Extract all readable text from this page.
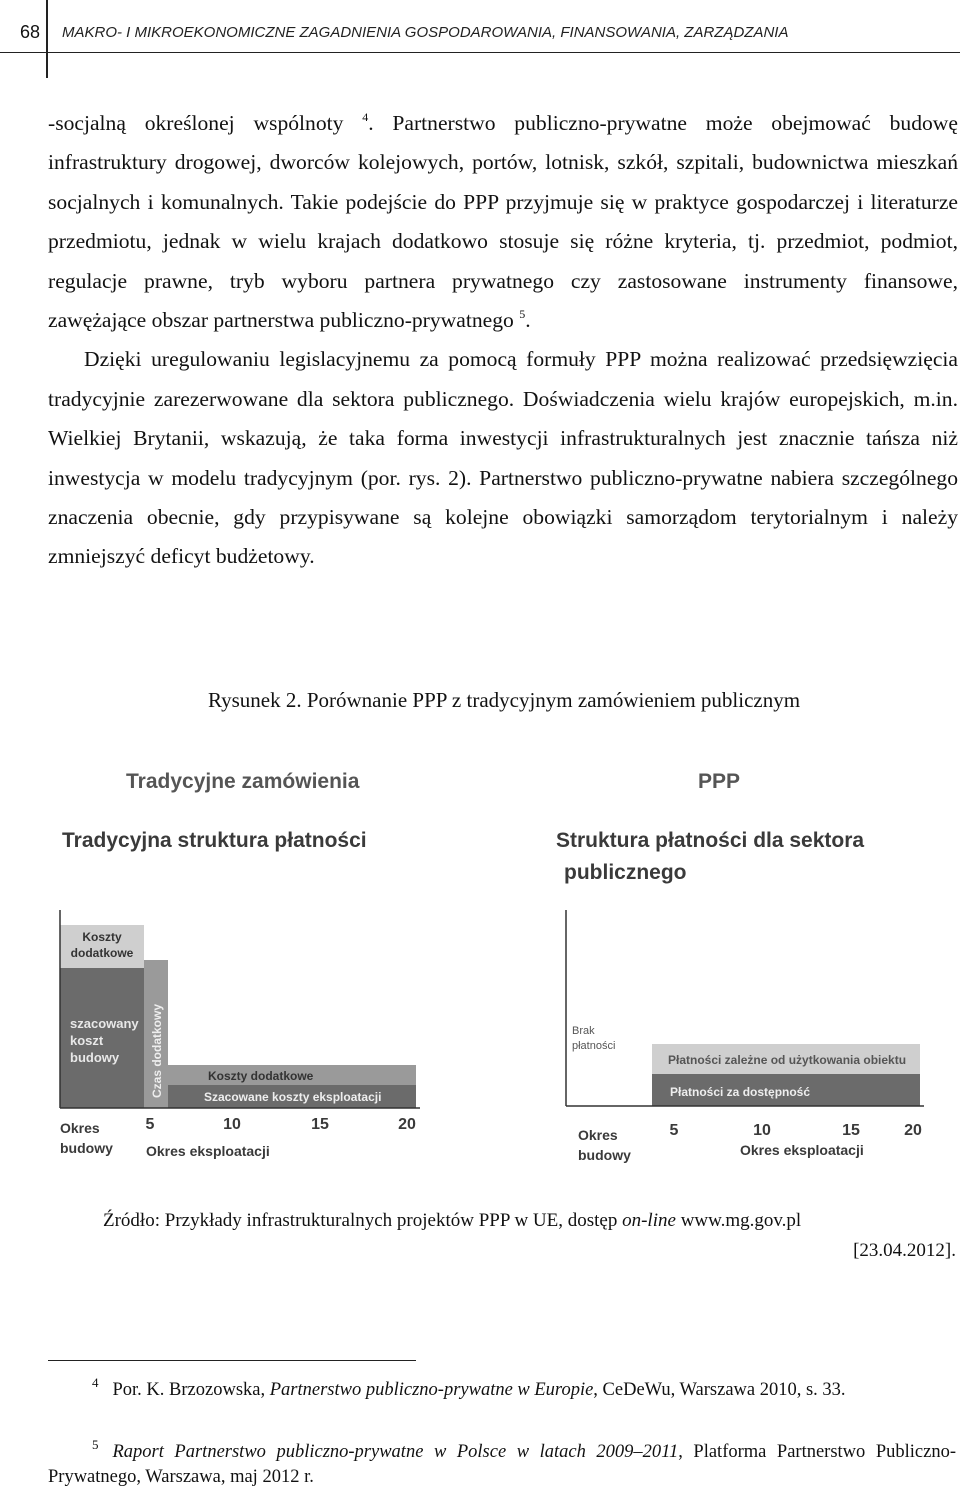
68 MAKRO- I MIKROEKONOMICZNE ZAGADNIENIA GOSPODAROWANIA, FINANSOWANIA, ZARZĄDZANIA

-socjalną określonej wspólnoty $^4$. Partnerstwo publiczno-prywatne może obejmować budowę infrastruktury drogowej, dworców kolejowych, portów, lotnisk, szkół, szpitali, budownictwa mieszkań socjalnych i komunalnych. Takie podejście do PPP przyjmuje się w praktyce gospodarczej i literaturze przedmiotu, jednak w wielu krajach dodatkowo stosuje się różne kryteria, tj. przedmiot, podmiot, regulacje prawne, tryb wyboru partnera prywatnego czy zastosowane instrumenty finansowe, zawężające obszar partnerstwa publiczno-prywatnego $^5$.

Dzięki uregulowaniu legislacyjnemu za pomocą formuły PPP można realizować przedsięwzięcia tradycyjnie zarezerwowane dla sektora publicznego. Doświadczenia wielu krajów europejskich, m.in. Wielkiej Brytanii, wskazują, że taka forma inwestycji infrastrukturalnych jest znacznie tańsza niż inwestycja w modelu tradycyjnym (por. rys. 2). Partnerstwo publiczno-prywatne nabiera szczególnego znaczenia obecnie, gdy przypisywane są kolejne obowiązki samorządom terytorialnym i należy zmniejszyć deficyt budżetowy.

Rysunek 2. Porównanie PPP z tradycyjnym zamówieniem publicznym
Tradycyjne zamówienia
Tradycyjna struktura płatności
PPP
Struktura płatności dla sektora
publicznego
Koszty
dodatkowe
szacowany
koszt
budowy	Czas dodatkowy	Koszty dodatkowe
Szacowane koszty eksploatacji
Okres
budowy
5	10	15	20
Okres eksploatacji
Brak
płatności
Płatności zależne od użytkowania obiektu
Płatności za dostępność
Okres
budowy
5	10	15	20
Okres eksploatacji
Źródło: Przykłady infrastrukturalnych projektów PPP w UE, dostęp on-line www.mg.gov.pl
[23.04.2012].
$^4$ Por. K. Brzozowska, Partnerstwo publiczno-prywatne w Europie, CeDeWu, Warszawa 2010, s. 33.
$^5$ Raport Partnerstwo publiczno-prywatne w Polsce w latach 2009–2011, Platforma Partnerstwo Publiczno-Prywatnego, Warszawa, maj 2012 r.
